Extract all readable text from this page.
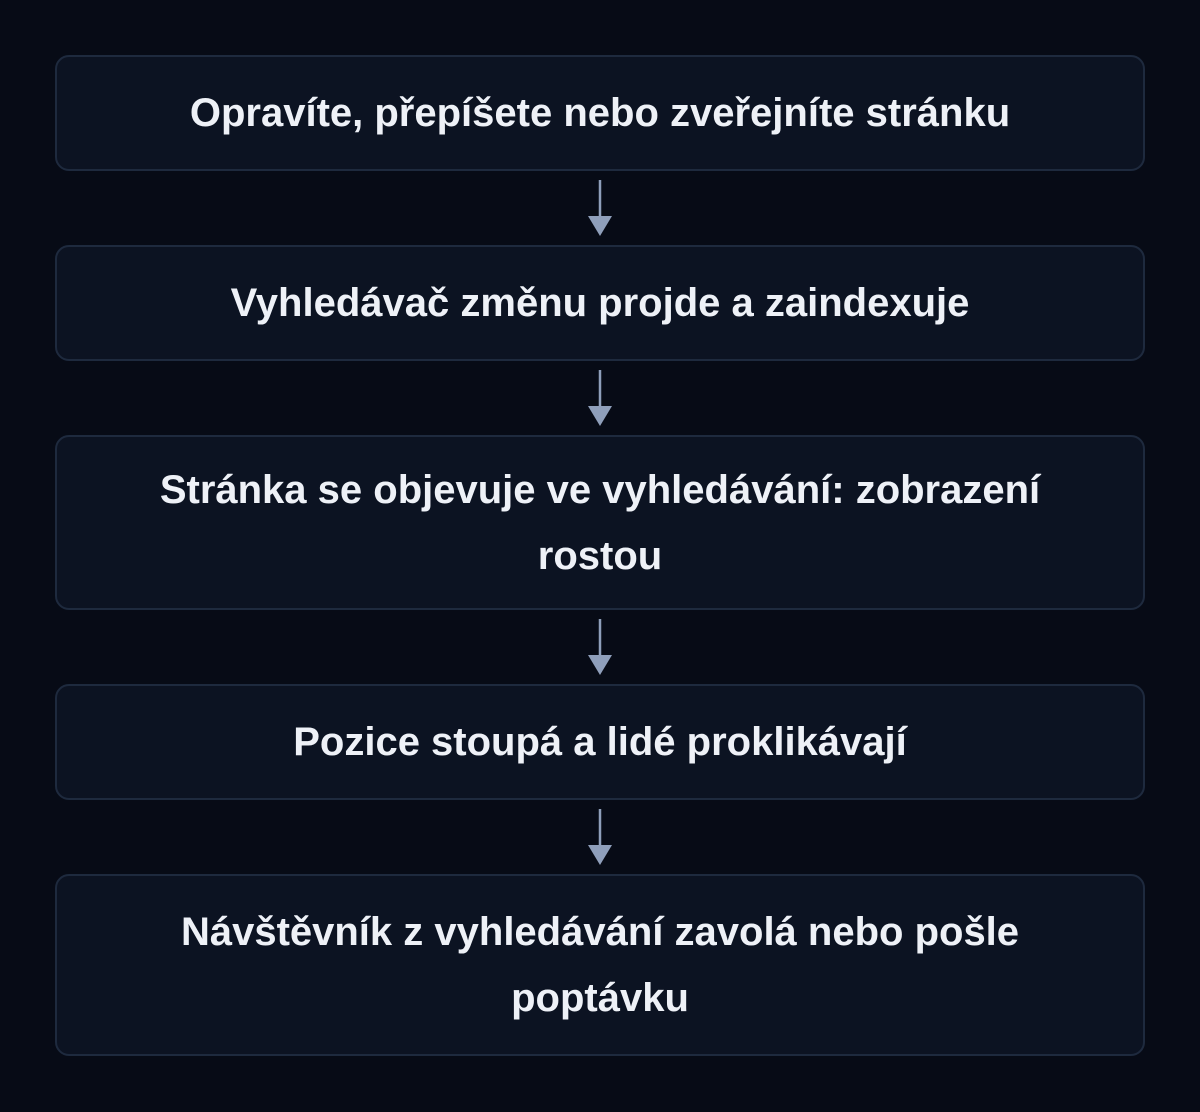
Opravíte, přepíšete nebo zveřejníte stránku
Vyhledávač změnu projde a zaindexuje
Stránka se objevuje ve vyhledávání: zobrazení rostou
Pozice stoupá a lidé proklikávají
Návštěvník z vyhledávání zavolá nebo pošle poptávku
